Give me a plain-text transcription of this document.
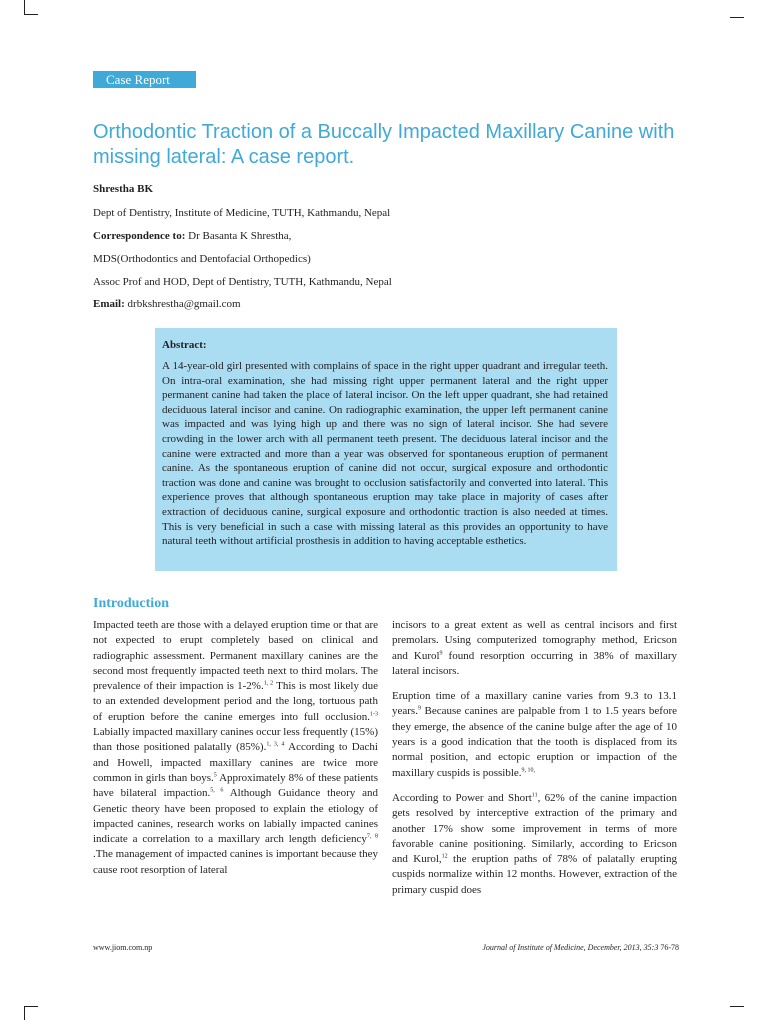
Case Report
Orthodontic Traction of a Buccally Impacted Maxillary Canine with missing lateral: A case report.
Shrestha BK
Dept of Dentistry, Institute of Medicine, TUTH, Kathmandu, Nepal
Correspondence to: Dr Basanta K Shrestha,
MDS(Orthodontics and Dentofacial Orthopedics)
Assoc Prof and HOD, Dept of Dentistry, TUTH, Kathmandu, Nepal
Email: drbkshrestha@gmail.com
Abstract:

A 14-year-old girl presented with complains of space in the right upper quadrant and irregular teeth. On intra-oral examination, she had missing right upper permanent lateral and the right upper permanent canine had taken the place of lateral incisor. On the left upper quadrant, she had retained deciduous lateral incisor and canine. On radiographic examination, the upper left permanent canine was impacted and was lying high up and there was no sign of lateral incisor. She had severe crowding in the lower arch with all permanent teeth present. The deciduous lateral incisor and the canine were extracted and more than a year was observed for spontaneous eruption of permanent canine. As the spontaneous eruption of canine did not occur, surgical exposure and orthodontic traction was done and canine was brought to occlusion satisfactorily and converted into lateral. This experience proves that although spontaneous eruption may take place in majority of cases after extraction of deciduous canine, surgical exposure and orthodontic traction is also needed at times. This is very beneficial in such a case with missing lateral as this provides an opportunity to have natural teeth without artificial prosthesis in addition to having acceptable esthetics.

Introduction

Impacted teeth are those with a delayed eruption time or that are not expected to erupt completely based on clinical and radiographic assessment. Permanent maxillary canines are the second most frequently impacted teeth next to third molars. The prevalence of their impaction is 1-2%.$^{1, 2}$ This is most likely due to an extended development period and the long, tortuous path of eruption before the canine emerges into full occlusion.$^{1-3}$ Labially impacted maxillary canines occur less frequently (15%) than those positioned palatally (85%).$^{1, 3, 4}$ According to Dachi and Howell, impacted maxillary canines are twice more common in girls than boys.$^5$ Approximately 8% of these patients have bilateral impaction.$^{5, 6}$ Although Guidance theory and Genetic theory have been proposed to explain the etiology of impacted canines, research works on labially impacted canines indicate a correlation to a maxillary arch length deficiency$^{7, 8}$ .The management of impacted canines is important because they cause root resorption of lateral

incisors to a great extent as well as central incisors and first premolars. Using computerized tomography method, Ericson and Kurol$^9$ found resorption occurring in 38% of maxillary lateral incisors.

Eruption time of a maxillary canine varies from 9.3 to 13.1 years.$^9$ Because canines are palpable from 1 to 1.5 years before they emerge, the absence of the canine bulge after the age of 10 years is a good indication that the tooth is displaced from its normal position, and ectopic eruption or impaction of the maxillary cuspids is possible.$^{9, 10,}$

According to Power and Short$^{11}$, 62% of the canine impaction gets resolved by interceptive extraction of the primary and another 17% show some improvement in terms of more favorable canine positioning. Similarly, according to Ericson and Kurol,$^{12}$ the eruption paths of 78% of palatally erupting cuspids normalize within 12 months. However, extraction of the primary cuspid does

www.jiom.com.np	Journal of Institute of Medicine, December, 2013, 35:3 76-78
